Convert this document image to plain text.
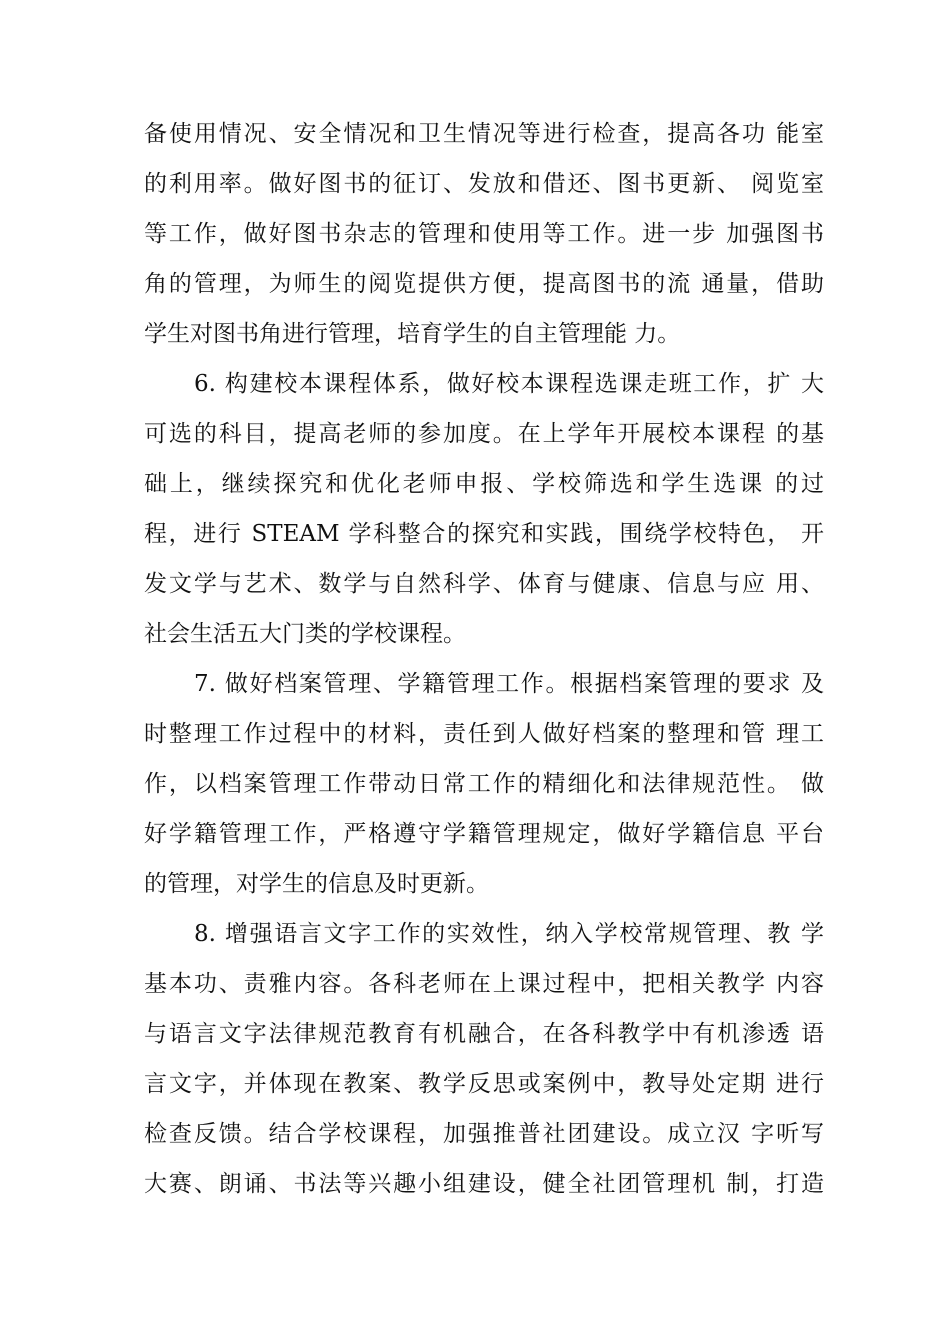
备使用情况、安全情况和卫生情况等进行检查，提高各功 能室
的利用率。做好图书的征订、发放和借还、图书更新、 阅览室
等工作，做好图书杂志的管理和使用等工作。进一步 加强图书
角的管理，为师生的阅览提供方便，提高图书的流 通量，借助
学生对图书角进行管理，培育学生的自主管理能 力。
6. 构建校本课程体系，做好校本课程选课走班工作，扩 大
可选的科目，提高老师的参加度。在上学年开展校本课程 的基
础上，继续探究和优化老师申报、学校筛选和学生选课 的过
程，进行 STEAM 学科整合的探究和实践，围绕学校特色， 开
发文学与艺术、数学与自然科学、体育与健康、信息与应 用、
社会生活五大门类的学校课程。
7. 做好档案管理、学籍管理工作。根据档案管理的要求 及
时整理工作过程中的材料，责任到人做好档案的整理和管 理工
作，以档案管理工作带动日常工作的精细化和法律规范性。 做
好学籍管理工作，严格遵守学籍管理规定，做好学籍信息 平台
的管理，对学生的信息及时更新。
8. 增强语言文字工作的实效性，纳入学校常规管理、教 学
基本功、责雅内容。各科老师在上课过程中，把相关教学 内容
与语言文字法律规范教育有机融合，在各科教学中有机渗透 语
言文字，并体现在教案、教学反思或案例中，教导处定期 进行
检查反馈。结合学校课程，加强推普社团建设。成立汉 字听写
大赛、朗诵、书法等兴趣小组建设，健全社团管理机 制，打造
